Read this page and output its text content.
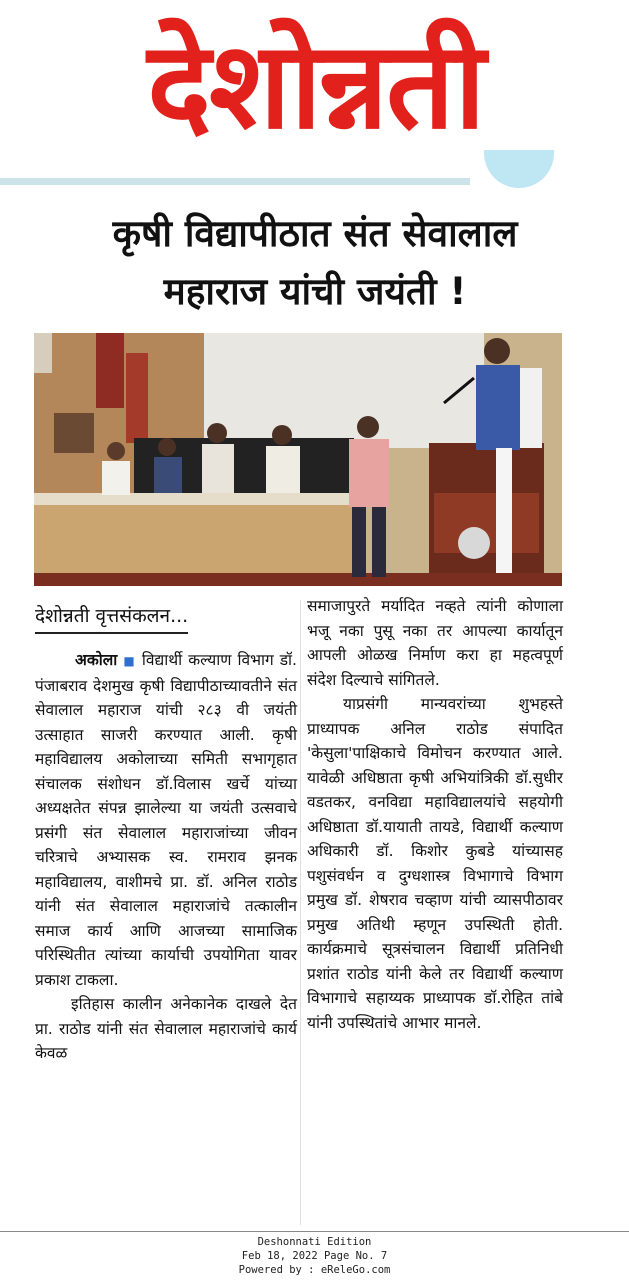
देशोन्नती
कृषी विद्यापीठात संत सेवालाल
महाराज यांची जयंती !
देशोन्नती वृत्तसंकलन...

अकोला ■ विद्यार्थी कल्याण विभाग डॉ. पंजाबराव देशमुख कृषी विद्यापीठाच्यावतीने संत सेवालाल महाराज यांची २८३ वी जयंती उत्साहात साजरी करण्यात आली. कृषी महाविद्यालय अकोलाच्या समिती सभागृहात संचालक संशोधन डॉ.विलास खर्चे यांच्या अध्यक्षतेत संपन्न झालेल्या या जयंती उत्सवाचे प्रसंगी संत सेवालाल महाराजांच्या जीवन चरित्राचे अभ्यासक स्व. रामराव झनक महाविद्यालय, वाशीमचे प्रा. डॉ. अनिल राठोड यांनी संत सेवालाल महाराजांचे तत्कालीन समाज कार्य आणि आजच्या सामाजिक परिस्थितीत त्यांच्या कार्याची उपयोगिता यावर प्रकाश टाकला.

इतिहास कालीन अनेकानेक दाखले देत प्रा. राठोड यांनी संत सेवालाल महाराजांचे कार्य केवळ

समाजापुरते मर्यादित नव्हते त्यांनी कोणाला भजू नका पुसू नका तर आपल्या कार्यातून आपली ओळख निर्माण करा हा महत्वपूर्ण संदेश दिल्याचे सांगितले.

याप्रसंगी मान्यवरांच्या शुभहस्ते प्राध्यापक अनिल राठोड संपादित 'केसुला'पाक्षिकाचे विमोचन करण्यात आले. यावेळी अधिष्ठाता कृषी अभियांत्रिकी डॉ.सुधीर वडतकर, वनविद्या महाविद्यालयांचे सहयोगी अधिष्ठाता डॉ.यायाती तायडे, विद्यार्थी कल्याण अधिकारी डॉ. किशोर कुबडे यांच्यासह पशुसंवर्धन व दुग्धशास्त्र विभागाचे विभाग प्रमुख डॉ. शेषराव चव्हाण यांची व्यासपीठावर प्रमुख अतिथी म्हणून उपस्थिती होती. कार्यक्रमाचे सूत्रसंचालन विद्यार्थी प्रतिनिधी प्रशांत राठोड यांनी केले तर विद्यार्थी कल्याण विभागाचे सहाय्यक प्राध्यापक डॉ.रोहित तांबे यांनी उपस्थितांचे आभार मानले.

Deshonnati Edition
Feb 18, 2022 Page No. 7
Powered by : eReleGo.com
